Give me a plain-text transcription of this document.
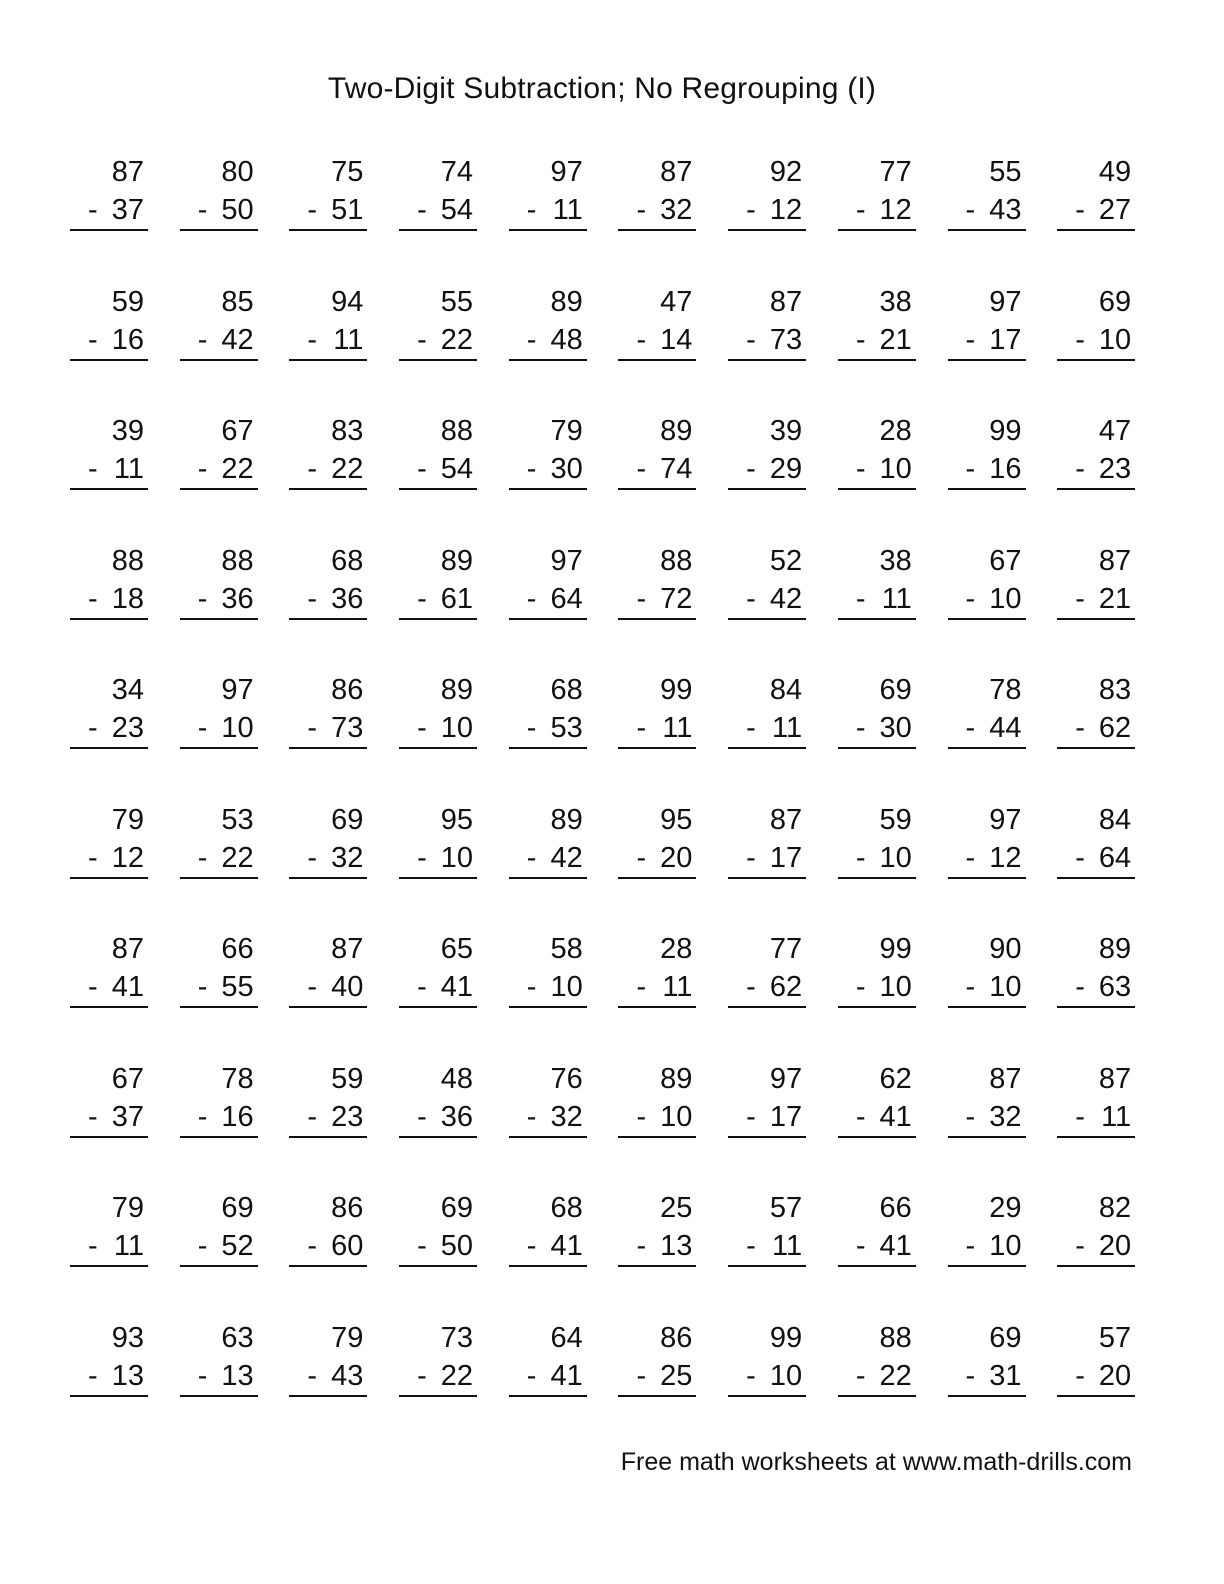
Two-Digit Subtraction; No Regrouping (I)
87
- 37
80
- 50
75
- 51
74
- 54
97
- 11
87
- 32
92
- 12
77
- 12
55
- 43
49
- 27
59
- 16
85
- 42
94
- 11
55
- 22
89
- 48
47
- 14
87
- 73
38
- 21
97
- 17
69
- 10
39
- 11
67
- 22
83
- 22
88
- 54
79
- 30
89
- 74
39
- 29
28
- 10
99
- 16
47
- 23
88
- 18
88
- 36
68
- 36
89
- 61
97
- 64
88
- 72
52
- 42
38
- 11
67
- 10
87
- 21
34
- 23
97
- 10
86
- 73
89
- 10
68
- 53
99
- 11
84
- 11
69
- 30
78
- 44
83
- 62
79
- 12
53
- 22
69
- 32
95
- 10
89
- 42
95
- 20
87
- 17
59
- 10
97
- 12
84
- 64
87
- 41
66
- 55
87
- 40
65
- 41
58
- 10
28
- 11
77
- 62
99
- 10
90
- 10
89
- 63
67
- 37
78
- 16
59
- 23
48
- 36
76
- 32
89
- 10
97
- 17
62
- 41
87
- 32
87
- 11
79
- 11
69
- 52
86
- 60
69
- 50
68
- 41
25
- 13
57
- 11
66
- 41
29
- 10
82
- 20
93
- 13
63
- 13
79
- 43
73
- 22
64
- 41
86
- 25
99
- 10
88
- 22
69
- 31
57
- 20
Free math worksheets at www.math-drills.com
